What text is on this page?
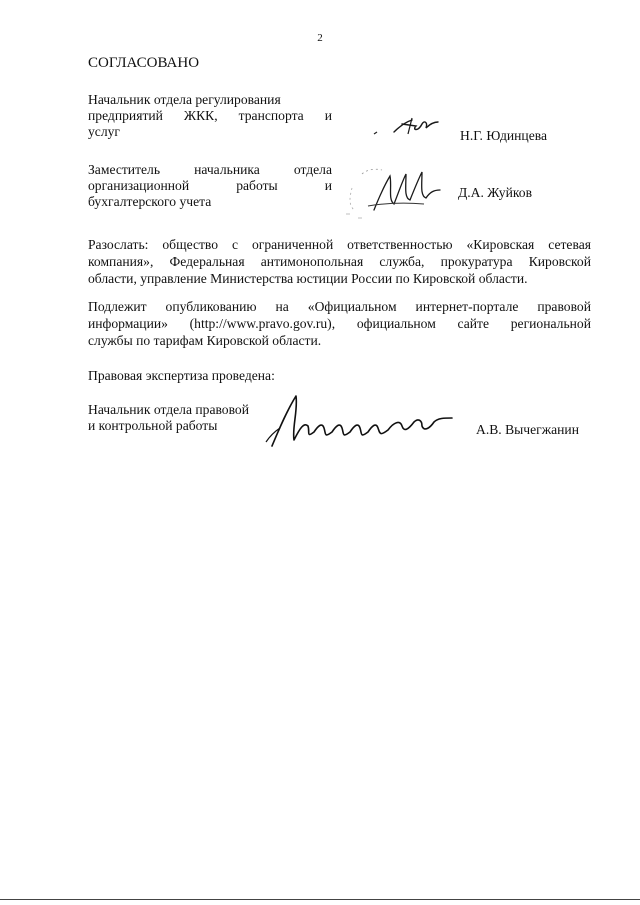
2
СОГЛАСОВАНО
Начальник отдела регулирования
предприятий ЖКК, транспорта и
услуг	Н.Г. Юдинцева
Заместитель начальника отдела
организационной работы и
бухгалтерского учета
Д.А. Жуйков
Разослать: общество с ограниченной ответственностью «Кировская сетевая
компания», Федеральная антимонопольная служба, прокуратура Кировской
области, управление Министерства юстиции России по Кировской области.
Подлежит опубликованию на «Официальном интернет-портале правовой
информации» (http://www.pravo.gov.ru), официальном сайте региональной
службы по тарифам Кировской области.
Правовая экспертиза проведена:
Начальник отдела правовой
и контрольной работы	А.В. Вычегжанин
